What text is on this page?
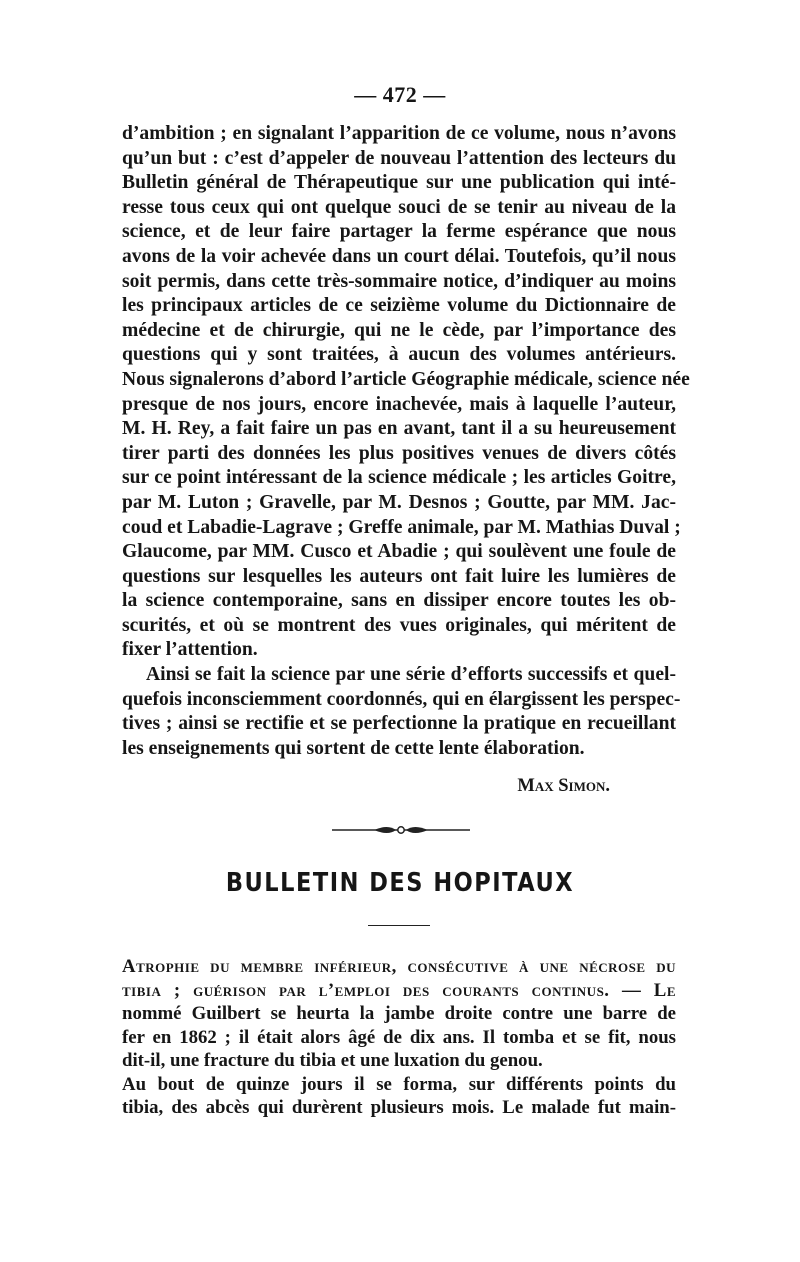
— 472 —
d’ambition ; en signalant l’apparition de ce volume, nous n’avons
qu’un but : c’est d’appeler de nouveau l’attention des lecteurs du
Bulletin général de Thérapeutique sur une publication qui inté-
resse tous ceux qui ont quelque souci de se tenir au niveau de la
science, et de leur faire partager la ferme espérance que nous
avons de la voir achevée dans un court délai. Toutefois, qu’il nous
soit permis, dans cette très-sommaire notice, d’indiquer au moins
les principaux articles de ce seizième volume du Dictionnaire de
médecine et de chirurgie, qui ne le cède, par l’importance des
questions qui y sont traitées, à aucun des volumes antérieurs.
Nous signalerons d’abord l’article Géographie médicale, science née
presque de nos jours, encore inachevée, mais à laquelle l’auteur,
M. H. Rey, a fait faire un pas en avant, tant il a su heureusement
tirer parti des données les plus positives venues de divers côtés
sur ce point intéressant de la science médicale ; les articles Goitre,
par M. Luton ; Gravelle, par M. Desnos ; Goutte, par MM. Jac-
coud et Labadie-Lagrave ; Greffe animale, par M. Mathias Duval ;
Glaucome, par MM. Cusco et Abadie ; qui soulèvent une foule de
questions sur lesquelles les auteurs ont fait luire les lumières de
la science contemporaine, sans en dissiper encore toutes les ob-
scurités, et où se montrent des vues originales, qui méritent de
fixer l’attention.
Ainsi se fait la science par une série d’efforts successifs et quel-
quefois inconsciemment coordonnés, qui en élargissent les perspec-
tives ; ainsi se rectifie et se perfectionne la pratique en recueillant
les enseignements qui sortent de cette lente élaboration.
Max Simon.
BULLETIN DES HOPITAUX
Atrophie du membre inférieur, consécutive à une nécrose du
tibia ; guérison par l’emploi des courants continus. — Le
nommé Guilbert se heurta la jambe droite contre une barre de
fer en 1862 ; il était alors âgé de dix ans. Il tomba et se fit, nous
dit-il, une fracture du tibia et une luxation du genou.
Au bout de quinze jours il se forma, sur différents points du
tibia, des abcès qui durèrent plusieurs mois. Le malade fut main-
